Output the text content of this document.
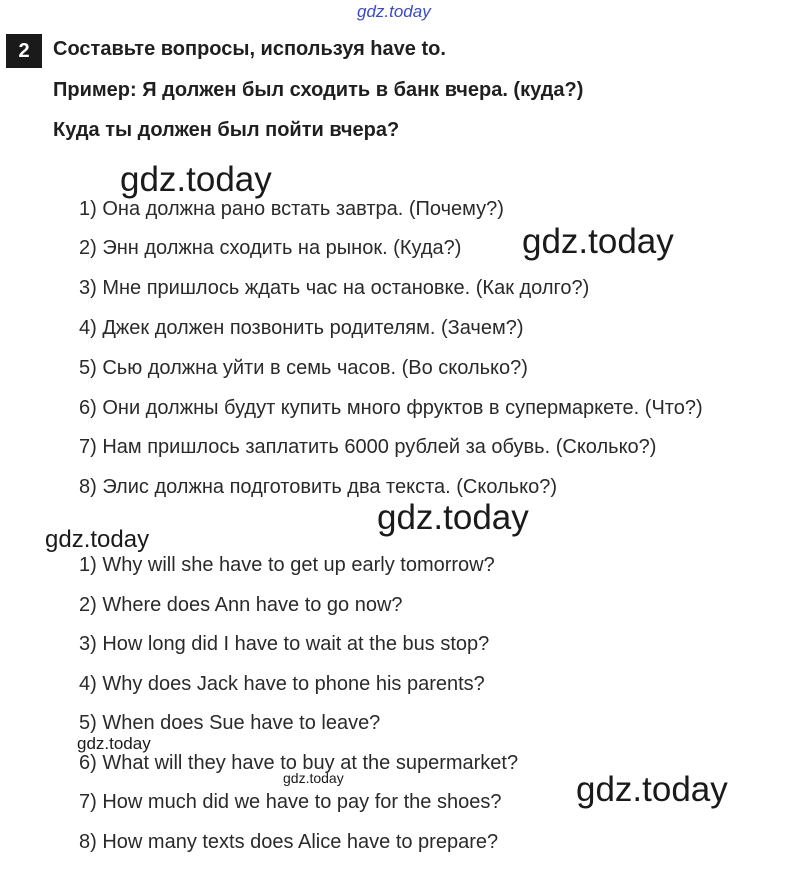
2	Составьте вопросы, используя have to.
Пример: Я должен был сходить в банк вчера. (куда?)
Куда ты должен был пойти вчера?
1) Она должна рано встать завтра. (Почему?)
2) Энн должна сходить на рынок. (Куда?)
3) Мне пришлось ждать час на остановке. (Как долго?)
4) Джек должен позвонить родителям. (Зачем?)
5) Сью должна уйти в семь часов. (Во сколько?)
6) Они должны будут купить много фруктов в супермаркете. (Что?)
7) Нам пришлось заплатить 6000 рублей за обувь. (Сколько?)
8) Элис должна подготовить два текста. (Сколько?)
1) Why will she have to get up early tomorrow?
2) Where does Ann have to go now?
3) How long did I have to wait at the bus stop?
4) Why does Jack have to phone his parents?
5) When does Sue have to leave?
6) What will they have to buy at the supermarket?
7) How much did we have to pay for the shoes?
8) How many texts does Alice have to prepare?
gdz.today
gdz.today
gdz.today
gdz.today
gdz.today
gdz.today
gdz.today	gdz.today
